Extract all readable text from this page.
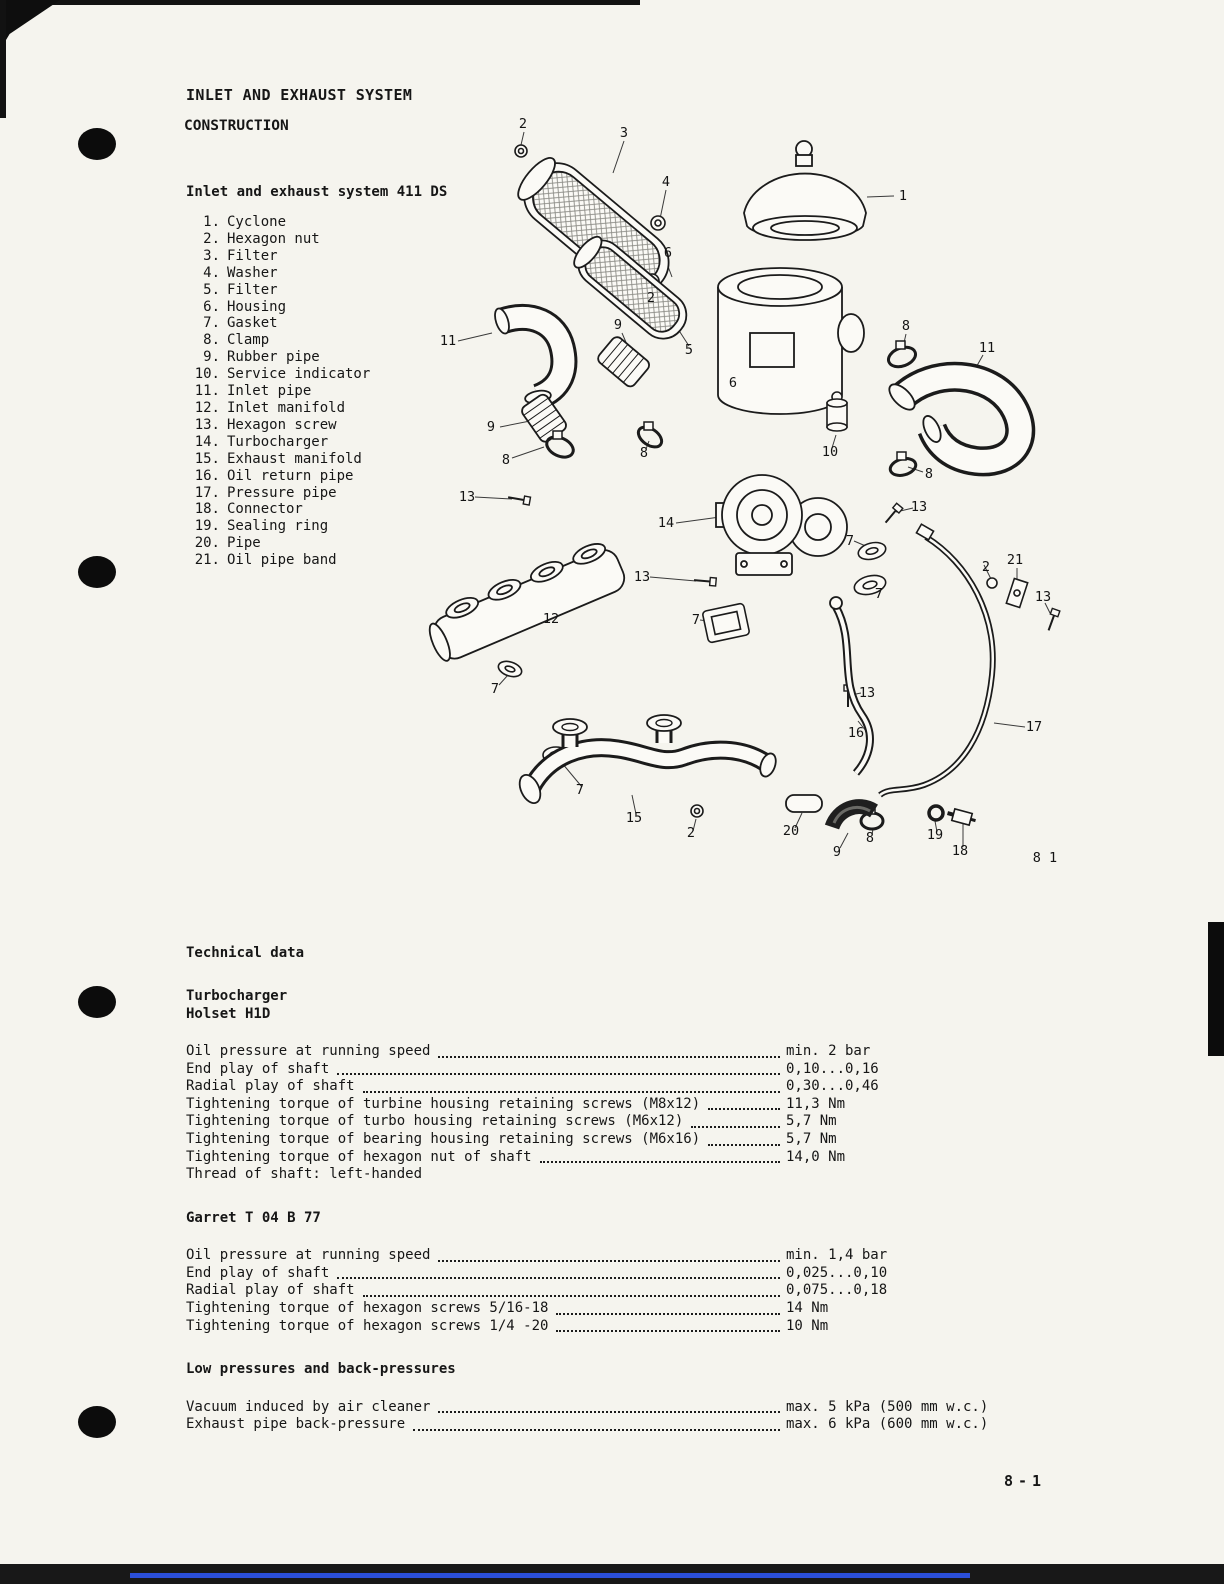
INLET AND EXHAUST SYSTEM
CONSTRUCTION
Inlet and exhaust system 411 DS
1. Cyclone
2. Hexagon nut
3. Filter
4. Washer
5. Filter
6. Housing
7. Gasket
8. Clamp
9. Rubber pipe
10. Service indicator
11. Inlet pipe
12. Inlet manifold
13. Hexagon screw
14. Turbocharger
15. Exhaust manifold
16. Oil return pipe
17. Pressure pipe
18. Connector
19. Sealing ring
20. Pipe
21. Oil pipe band
8 1
2
3
4
1
6
2
9
5
8
11	11
6
9
10
8	8
8
13
14
13
7
13
2 21
13
7
12	7
7	13
16	17
7
15
2	20
9
8	19
18
Technical data
Turbocharger
Holset H1D
Oil pressure at running speed	min. 2 bar
End play of shaft	0,10...0,16
Radial play of shaft	0,30...0,46
Tightening torque of turbine housing retaining screws (M8x12)	11,3 Nm
Tightening torque of turbo housing retaining screws (M6x12)	5,7 Nm
Tightening torque of bearing housing retaining screws (M6x16)	5,7 Nm
Tightening torque of hexagon nut of shaft	14,0 Nm
Thread of shaft: left-handed
Garret T 04 B 77
Oil pressure at running speed	min. 1,4 bar
End play of shaft	0,025...0,10
Radial play of shaft	0,075...0,18
Tightening torque of hexagon screws 5/16-18	14 Nm
Tightening torque of hexagon screws 1/4 -20	10 Nm
Low pressures and back-pressures
Vacuum induced by air cleaner	max. 5 kPa (500 mm w.c.)
Exhaust pipe back-pressure	max. 6 kPa (600 mm w.c.)
8-1
